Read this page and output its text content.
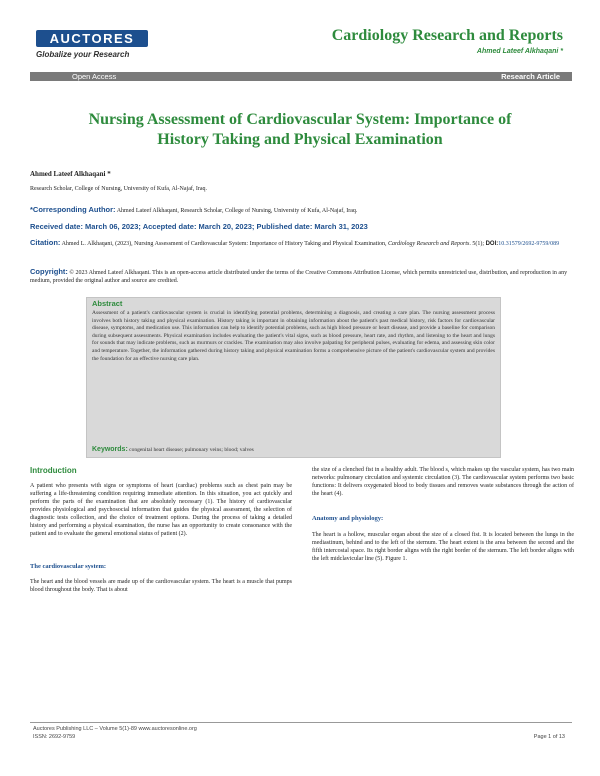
AUCTORES
Globalize your Research
Cardiology Research and Reports
Ahmed Lateef Alkhaqani *
Open Access	Research Article
Nursing Assessment of Cardiovascular System: Importance of
History Taking and Physical Examination
Ahmed Lateef Alkhaqani *
Research Scholar, College of Nursing, University of Kufa, Al-Najaf, Iraq.
*Corresponding Author: Ahmed Lateef Alkhaqani, Research Scholar, College of Nursing, University of Kufa, Al-Najaf, Iraq.
Received date: March 06, 2023; Accepted date: March 20, 2023; Published date: March 31, 2023
Citation: Ahmed L. Alkhaqani, (2023), Nursing Assessment of Cardiovascular System: Importance of History Taking and Physical Examination, Cardiology Research and Reports. 5(1); DOI:10.31579/2692-9759/089
Copyright: © 2023 Ahmed Lateef Alkhaqani. This is an open-access article distributed under the terms of the Creative Commons Attribution License, which permits unrestricted use, distribution, and reproduction in any medium, provided the original author and source are credited.
Abstract
Assessment of a patient's cardiovascular system is crucial in identifying potential problems, determining a diagnosis, and creating a care plan. The nursing assessment process involves both history taking and physical examination. History taking is important in obtaining information about the patient's past medical history, risk factors for cardiovascular disease, symptoms, and medication use. This information can help to identify potential problems, such as high blood pressure or heart disease, and provide a baseline for comparison during subsequent assessments. Physical examination includes evaluating the patient's vital signs, such as blood pressure, heart rate, and rhythm, and listening to the heart and lungs for sounds that may indicate problems, such as murmurs or crackles. The examination may also involve palpating for peripheral pulses, evaluating for edema, and assessing skin color and temperature. Together, the information gathered during history taking and physical examination forms a comprehensive picture of the patient's cardiovascular system and provides the foundation for an effective nursing care plan.
Keywords: congenital heart disease; pulmonary veins; blood; valves
Introduction
A patient who presents with signs or symptoms of heart (cardiac) problems such as chest pain may be suffering a life-threatening condition requiring immediate attention. In this situation, you act quickly and perform the parts of the examination that are absolutely necessary (1). The history of cardiovascular provides physiological and psychosocial information that guides the physical assessment, the selection of diagnostic tests collection, and the choice of treatment options. During the process of taking a detailed history and performing a physical examination, the nurse has an opportunity to create consonance with the patient and to evaluate the general emotional status of patient (2).
The cardiovascular system:
The heart and the blood vessels are made up of the cardiovascular system. The heart is a muscle that pumps blood throughout the body. That is about
the size of a clenched fist in a healthy adult. The blood s, which makes up the vascular system, has two main networks: pulmonary circulation and systemic circulation (3). The cardiovascular system performs two basic functions: It delivers oxygenated blood to body tissues and removes waste substances through the action of the heart (4).
Anatomy and physiology:
The heart is a hollow, muscular organ about the size of a closed fist. It is located between the lungs in the mediastinum, behind and to the left of the sternum. The heart extent is the area between the second and the fifth intercostal space. Its right border aligns with the right border of the sternum. The left border aligns with the left midclavicular line (5). Figure 1.
Auctores Publishing LLC – Volume 5(1)-89 www.auctoresonline.org
ISSN: 2692-9759	Page 1 of 13
